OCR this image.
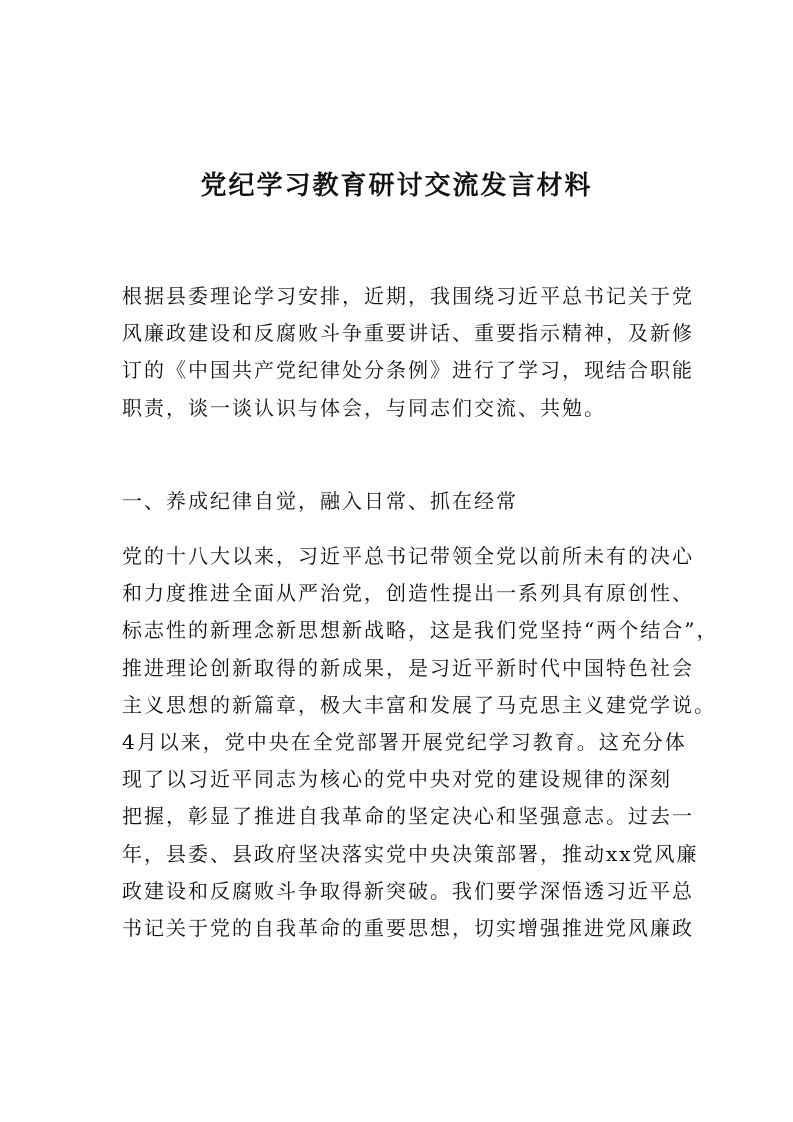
党纪学习教育研讨交流发言材料
根据县委理论学习安排，近期，我围绕习近平总书记关于党
风廉政建设和反腐败斗争重要讲话、重要指示精神，及新修
订的《中国共产党纪律处分条例》进行了学习，现结合职能
职责，谈一谈认识与体会，与同志们交流、共勉。
一、养成纪律自觉，融入日常、抓在经常
党的十八大以来，习近平总书记带领全党以前所未有的决心
和力度推进全面从严治党，创造性提出一系列具有原创性、
标志性的新理念新思想新战略，这是我们党坚持“两个结合”，
推进理论创新取得的新成果，是习近平新时代中国特色社会
主义思想的新篇章，极大丰富和发展了马克思主义建党学说。
4月以来，党中央在全党部署开展党纪学习教育。这充分体
现了以习近平同志为核心的党中央对党的建设规律的深刻
把握，彰显了推进自我革命的坚定决心和坚强意志。过去一
年，县委、县政府坚决落实党中央决策部署，推动xx党风廉
政建设和反腐败斗争取得新突破。我们要学深悟透习近平总
书记关于党的自我革命的重要思想，切实增强推进党风廉政
